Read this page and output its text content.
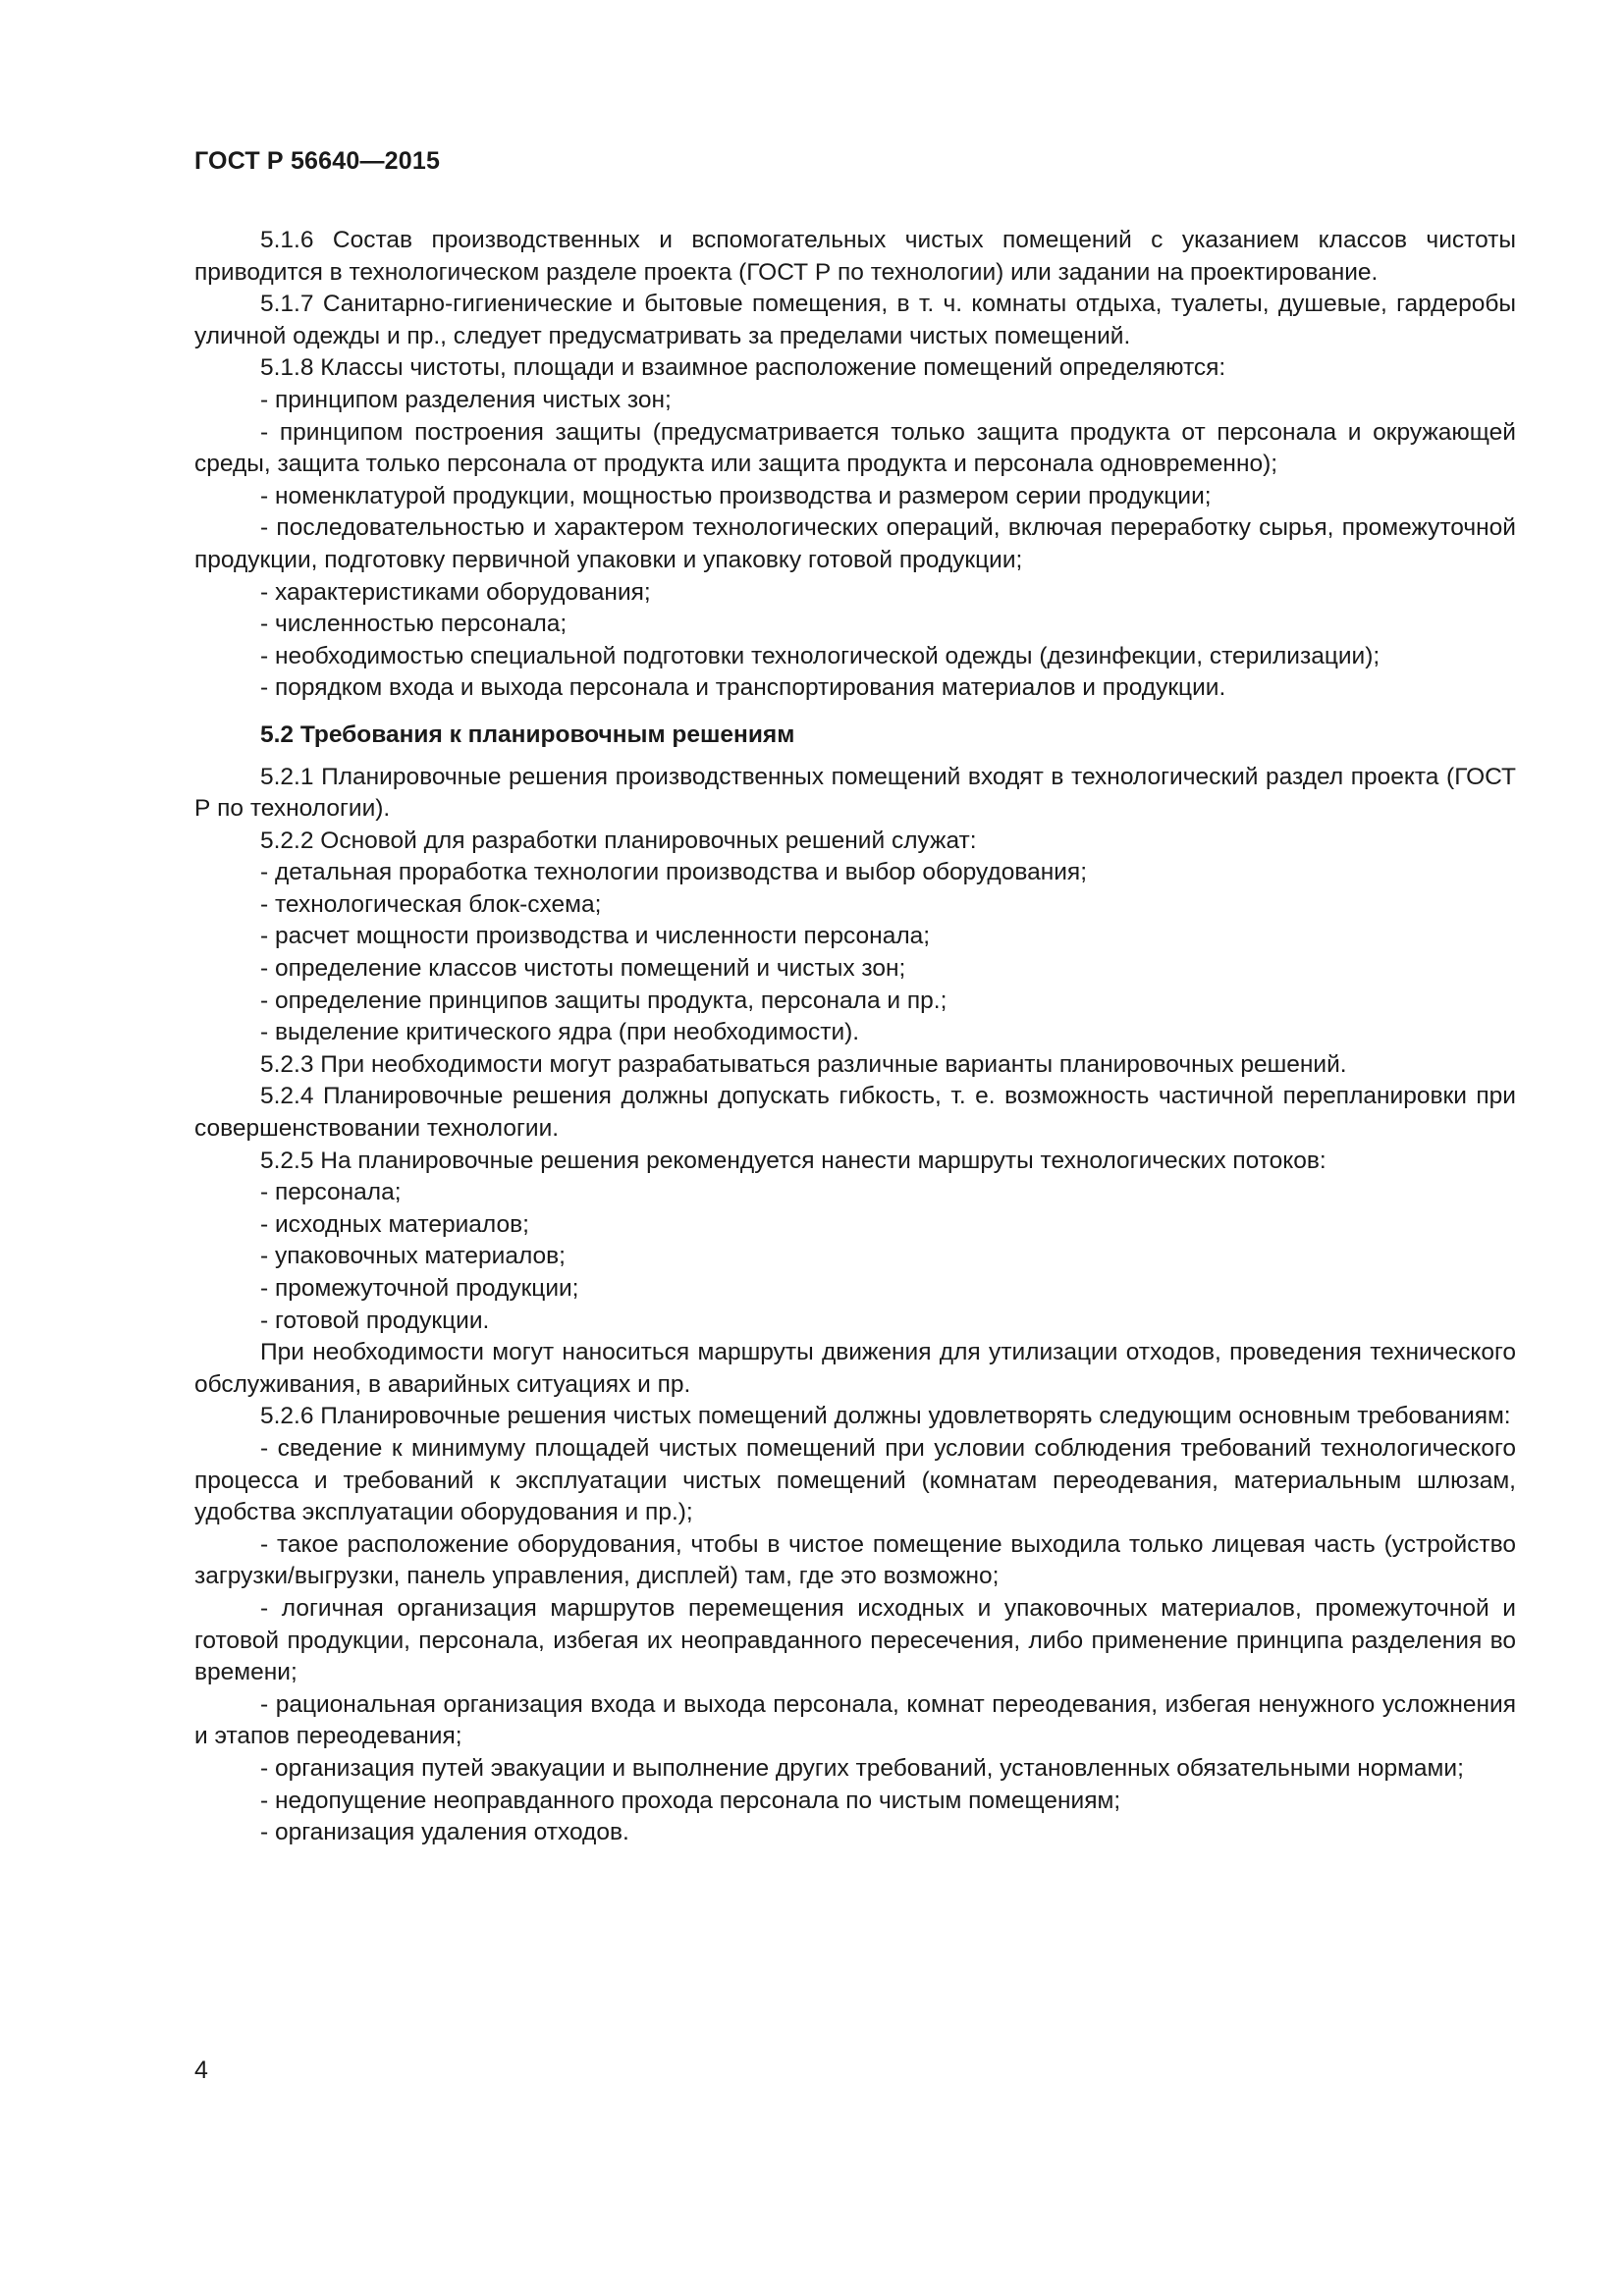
ГОСТ Р 56640—2015

5.1.6 Состав производственных и вспомогательных чистых помещений с указанием классов чистоты приводится в технологическом разделе проекта (ГОСТ Р по технологии) или задании на проектирование.

5.1.7 Санитарно-гигиенические и бытовые помещения, в т. ч. комнаты отдыха, туалеты, душевые, гардеробы уличной одежды и пр., следует предусматривать за пределами чистых помещений.

5.1.8 Классы чистоты, площади и взаимное расположение помещений определяются:

- принципом разделения чистых зон;

- принципом построения защиты (предусматривается только защита продукта от персонала и окружающей среды, защита только персонала от продукта или защита продукта и персонала одновременно);

- номенклатурой продукции, мощностью производства и размером серии продукции;

- последовательностью и характером технологических операций, включая переработку сырья, промежуточной продукции, подготовку первичной упаковки и упаковку готовой продукции;

- характеристиками оборудования;

- численностью персонала;

- необходимостью специальной подготовки технологической одежды (дезинфекции, стерилизации);

- порядком входа и выхода персонала и транспортирования материалов и продукции.

5.2 Требования к планировочным решениям

5.2.1 Планировочные решения производственных помещений входят в технологический раздел проекта (ГОСТ Р по технологии).

5.2.2 Основой для разработки планировочных решений служат:

- детальная проработка технологии производства и выбор оборудования;

- технологическая блок-схема;

- расчет мощности производства и численности персонала;

- определение классов чистоты помещений и чистых зон;

- определение принципов защиты продукта, персонала и пр.;

- выделение критического ядра (при необходимости).

5.2.3 При необходимости могут разрабатываться различные варианты планировочных решений.

5.2.4 Планировочные решения должны допускать гибкость, т. е. возможность частичной перепланировки при совершенствовании технологии.

5.2.5 На планировочные решения рекомендуется нанести маршруты технологических потоков:

- персонала;

- исходных материалов;

- упаковочных материалов;

- промежуточной продукции;

- готовой продукции.

При необходимости могут наноситься маршруты движения для утилизации отходов, проведения технического обслуживания, в аварийных ситуациях и пр.

5.2.6 Планировочные решения чистых помещений должны удовлетворять следующим основным требованиям:

- сведение к минимуму площадей чистых помещений при условии соблюдения требований технологического процесса и требований к эксплуатации чистых помещений (комнатам переодевания, материальным шлюзам, удобства эксплуатации оборудования и пр.);

- такое расположение оборудования, чтобы в чистое помещение выходила только лицевая часть (устройство загрузки/выгрузки, панель управления, дисплей) там, где это возможно;

- логичная организация маршрутов перемещения исходных и упаковочных материалов, промежуточной и готовой продукции, персонала, избегая их неоправданного пересечения, либо применение принципа разделения во времени;

- рациональная организация входа и выхода персонала, комнат переодевания, избегая ненужного усложнения и этапов переодевания;

- организация путей эвакуации и выполнение других требований, установленных обязательными нормами;

- недопущение неоправданного прохода персонала по чистым помещениям;

- организация удаления отходов.

4
